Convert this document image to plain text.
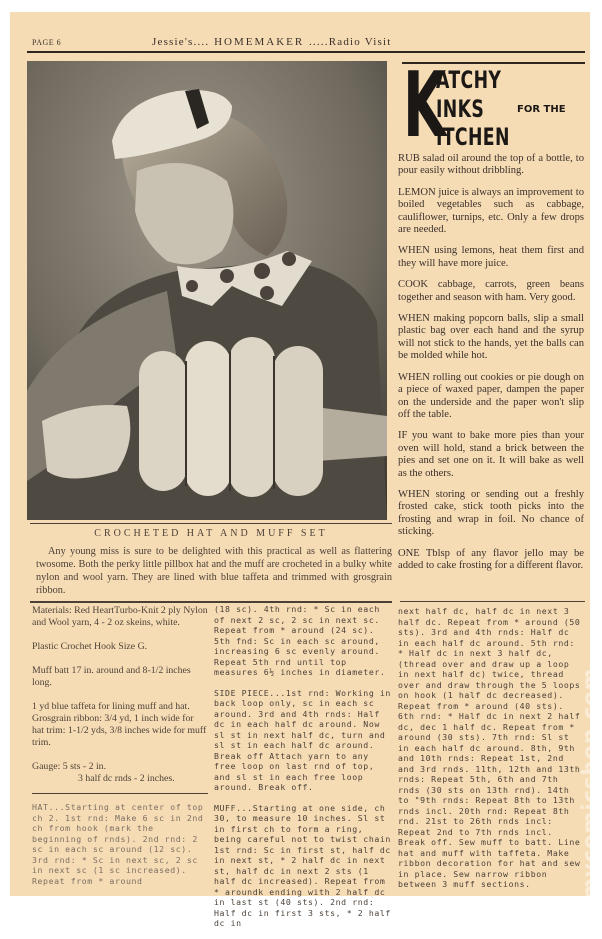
PAGE 6	Jessie's.... HOMEMAKER .....Radio Visit
K
ATCHY
INKS	FOR THE
ITCHEN

RUB salad oil around the top of a bottle, to pour easily without dribbling.

LEMON juice is always an improvement to boiled vegetables such as cabbage, cauliflower, turnips, etc. Only a few drops are needed.

WHEN using lemons, heat them first and they will have more juice.

COOK cabbage, carrots, green beans together and season with ham. Very good.

WHEN making popcorn balls, slip a small plastic bag over each hand and the syrup will not stick to the hands, yet the balls can be molded while hot.

WHEN rolling out cookies or pie dough on a piece of waxed paper, dampen the paper on the underside and the paper won't slip off the table.

IF you want to bake more pies than your oven will hold, stand a brick between the pies and set one on it. It will bake as well as the others.

WHEN storing or sending out a freshly frosted cake, stick tooth picks into the frosting and wrap in foil. No chance of sticking.

ONE Tblsp of any flavor jello may be added to cake frosting for a different flavor.

CROCHETED HAT AND MUFF SET
Any young miss is sure to be delighted with this practical as well as flattering twosome. Both the perky little pillbox hat and the muff are crocheted in a bulky white nylon and wool yarn. They are lined with blue taffeta and trimmed with grosgrain ribbon.

Materials: Red HeartTurbo-Knit 2 ply Nylon and Wool yarn, 4 - 2 oz skeins, white.

Plastic Crochet Hook Size G.

Muff batt 17 in. around and 8-1/2 inches long.

1 yd blue taffeta for lining muff and hat.

Grosgrain ribbon: 3/4 yd, 1 inch wide for hat trim: 1-1/2 yds, 3/8 inches wide for muff trim.

Gauge: 5 sts - 2 in.
3 half dc rnds - 2 inches.

HAT...Starting at center of top ch 2. 1st rnd: Make 6 sc in 2nd ch from hook (mark the beginning of rnds). 2nd rnd: 2 sc in each sc around (12 sc). 3rd rnd: * Sc in next sc, 2 sc in next sc (1 sc increased). Repeat from * around

(18 sc). 4th rnd: * Sc in each of next 2 sc, 2 sc in next sc. Repeat from * around (24 sc). 5th fnd: Sc in each sc around, increasing 6 sc evenly around. Repeat 5th rnd until top measures 6½ inches in diameter.

SIDE PIECE...1st rnd: Working in back loop only, sc in each sc around. 3rd and 4th rnds: Half dc in each half dc around. Now sl st in next half dc, turn and sl st in each half dc around. Break off Attach yarn to any free loop on last rnd of top, and sl st in each free loop around. Break off.

MUFF...Starting at one side, ch 30, to measure 10 inches. Sl st in first ch to form a ring, being careful not to twist chain 1st rnd: Sc in first st, half dc in next st, * 2 half dc in next st, half dc in next 2 sts (1 half dc increased). Repeat from * aroundk ending with 2 half dc in last st (40 sts). 2nd rnd: Half dc in first 3 sts, * 2 half dc in

next half dc, half dc in next 3 half dc. Repeat from * around (50 sts). 3rd and 4th rnds: Half dc in each half dc around. 5th rnd: * Half dc in next 3 half dc, (thread over and draw up a loop in next half dc) twice, thread over and draw through the 5 loops on hook (1 half dc decreased). Repeat from * around (40 sts). 6th rnd: * Half dc in next 2 half dc, dec 1 half dc. Repeat from * around (30 sts). 7th rnd: Sl st in each half dc around. 8th, 9th and 10th rnds: Repeat 1st, 2nd and 3rd rnds. 11th, 12th and 13th rnds: Repeat 5th, 6th and 7th rnds (30 sts on 13th rnd). 14th to "9th rnds: Repeat 8th to 13th rnds incl. 20th rnd: Repeat 8th rnd. 21st to 26th rnds incl: Repeat 2nd to 7th rnds incl. Break off. Sew muff to batt. Line hat and muff with taffeta. Make ribbon decoration for hat and sew in place. Sew narrow ribbon between 3 muff sections.	mycomicshop.com
